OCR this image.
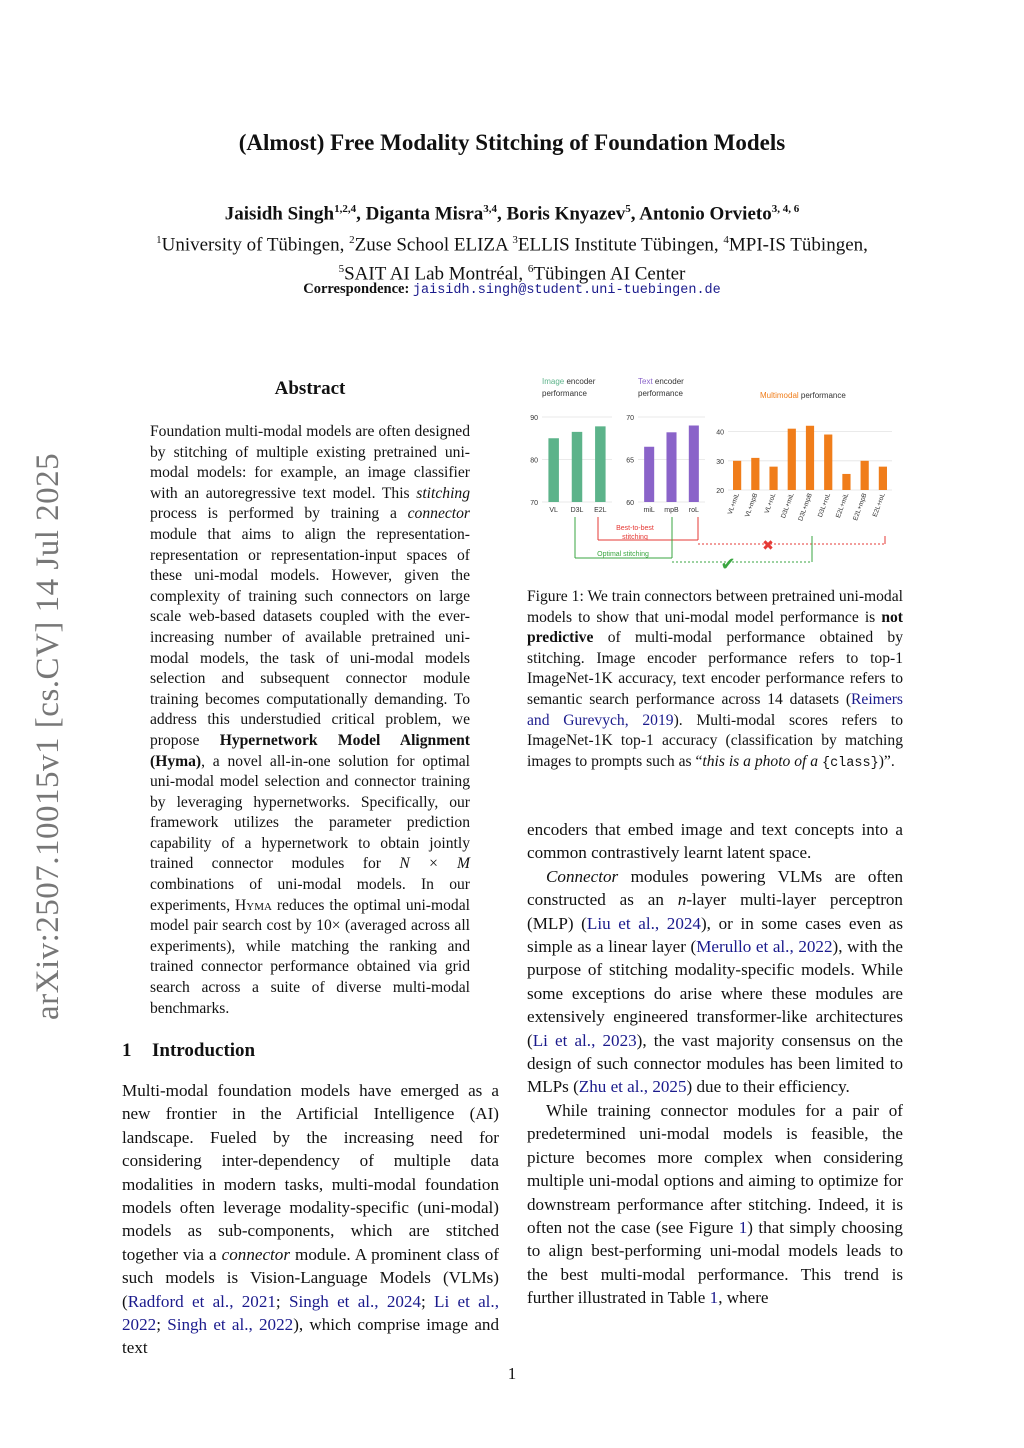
(Almost) Free Modality Stitching of Foundation Models
Jaisidh Singh$^{1,2,4}$, Diganta Misra$^{3,4}$, Boris Knyazev$^5$, Antonio Orvieto$^{3, 4, 6}$
$^1$University of Tübingen, $^2$Zuse School ELIZA $^3$ELLIS Institute Tübingen, $^4$MPI-IS Tübingen,
$^5$SAIT AI Lab Montréal, $^6$Tübingen AI Center
Correspondence: jaisidh.singh@student.uni-tuebingen.de
arXiv:2507.10015v1 [cs.CV] 14 Jul 2025
Abstract
Foundation multi-modal models are often designed by stitching of multiple existing pretrained uni-modal models: for example, an image classifier with an autoregressive text model. This stitching process is performed by training a connector module that aims to align the representation-representation or representation-input spaces of these uni-modal models. However, given the complexity of training such connectors on large scale web-based datasets coupled with the ever-increasing number of available pretrained uni-modal models, the task of uni-modal models selection and subsequent connector module training becomes computationally demanding. To address this understudied critical problem, we propose Hypernetwork Model Alignment (Hyma), a novel all-in-one solution for optimal uni-modal model selection and connector training by leveraging hypernetworks. Specifically, our framework utilizes the parameter prediction capability of a hypernetwork to obtain jointly trained connector modules for N × M combinations of uni-modal models. In our experiments, Hyma reduces the optimal uni-modal model pair search cost by 10× (averaged across all experiments), while matching the ranking and trained connector performance obtained via grid search across a suite of diverse multi-modal benchmarks.
1 Introduction
Multi-modal foundation models have emerged as a new frontier in the Artificial Intelligence (AI) landscape. Fueled by the increasing need for considering inter-dependency of multiple data modalities in modern tasks, multi-modal foundation models often leverage modality-specific (uni-modal) models as sub-components, which are stitched together via a connector module. A prominent class of such models is Vision-Language Models (VLMs) (Radford et al., 2021; Singh et al., 2024; Li et al., 2022; Singh et al., 2022), which comprise image and text
70
80
90
Image encoder
performance
VL D3L E2L
60
65
70
Text encoder
performance
miL mpB roL
20
30
40
Multimodal performance
VL+miL VL+mpB VL+roL D3L+miL D3L+mpB D3L+roL E2L+miL E2L+mpB E2L+roL
Best-to-best
stitching	✖
Optimal stitching	✔
Figure 1: We train connectors between pretrained uni-modal models to show that uni-modal model performance is not predictive of multi-modal performance obtained by stitching. Image encoder performance refers to top-1 ImageNet-1K accuracy, text encoder performance refers to semantic search performance across 14 datasets (Reimers and Gurevych, 2019). Multi-modal scores refers to ImageNet-1K top-1 accuracy (classification by matching images to prompts such as “this is a photo of a {class})”.
encoders that embed image and text concepts into a common contrastively learnt latent space.
Connector modules powering VLMs are often constructed as an n-layer multi-layer perceptron (MLP) (Liu et al., 2024), or in some cases even as simple as a linear layer (Merullo et al., 2022), with the purpose of stitching modality-specific models. While some exceptions do arise where these modules are extensively engineered transformer-like architectures (Li et al., 2023), the vast majority consensus on the design of such connector modules has been limited to MLPs (Zhu et al., 2025) due to their efficiency.
While training connector modules for a pair of predetermined uni-modal models is feasible, the picture becomes more complex when considering multiple uni-modal options and aiming to optimize for downstream performance after stitching. Indeed, it is often not the case (see Figure 1) that simply choosing to align best-performing uni-modal models leads to the best multi-modal performance. This trend is further illustrated in Table 1, where
1
